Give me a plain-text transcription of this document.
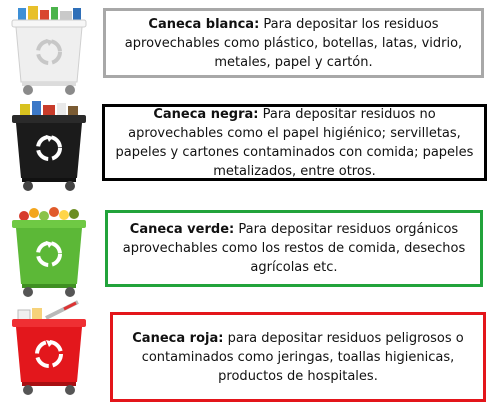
Caneca blanca: Para depositar los residuos aprovechables como plástico, botellas, latas, vidrio, metales, papel y cartón.
Caneca negra: Para depositar residuos no aprovechables como el papel higiénico; servilletas, papeles y cartones contaminados con comida; papeles metalizados, entre otros.
Caneca verde: Para depositar residuos orgánicos aprovechables como los restos de comida, desechos agrícolas etc.
Caneca roja: para depositar residuos peligrosos o contaminados como jeringas, toallas higienicas, productos de hospitales.
